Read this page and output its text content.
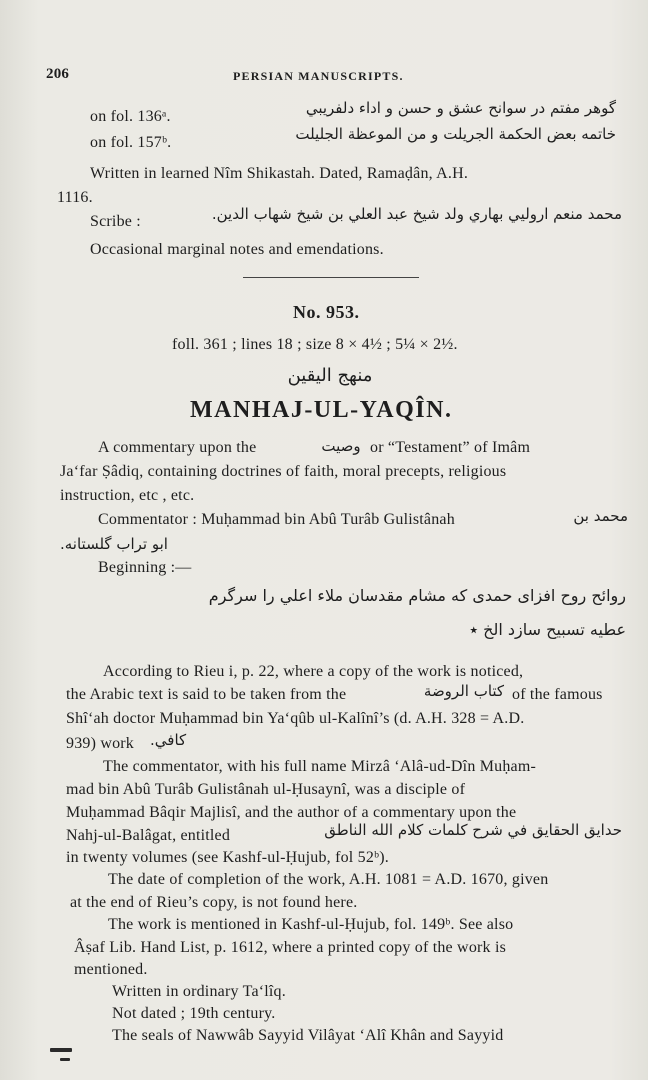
206	PERSIAN MANUSCRIPTS.
on fol. 136ᵃ.	گوهر مفتم در سوانح عشق و حسن و اداء دلفريبي
on fol. 157ᵇ.	خاتمه بعض الحكمة الجريلت و من الموعظة الجليلت
Written in learned Nîm Shikastah. Dated, Ramaḍân, A.H.
1116.
Scribe :	محمد منعم اروليي بهاري ولد شيخ عبد العلي بن شيخ شهاب الدين.
Occasional marginal notes and emendations.
No. 953.
foll. 361 ; lines 18 ; size 8 × 4½ ; 5¼ × 2½.
منهج اليقين
MANHAJ-UL-YAQÎN.
A commentary upon the	وصيت or “Testament” of Imâm
Ja‘far Ṣâdiq, containing doctrines of faith, moral precepts, religious
instruction, etc , etc.
Commentator : Muḥammad bin Abû Turâb Gulistânah	محمد بن
ابو تراب گلستانه.
Beginning :—
روائح روح افزای حمدی که مشام مقدسان ملاء اعلي را سرگرم
عطيه تسبيح سازد الخ ٭
According to Rieu i, p. 22, where a copy of the work is noticed,
the Arabic text is said to be taken from the	كتاب الروضة of the famous
Shî‘ah doctor Muḥammad bin Ya‘qûb ul-Kalînî’s (d. A.H. 328 = A.D.
939) work كافي.
The commentator, with his full name Mirzâ ‘Alâ-ud-Dîn Muḥam-
mad bin Abû Turâb Gulistânah ul-Ḥusaynî, was a disciple of
Muḥammad Bâqir Majlisî, and the author of a commentary upon the
Nahj-ul-Balâgat, entitled	حدايق الحقايق في شرح كلمات كلام الله الناطق
in twenty volumes (see Kashf-ul-Ḥujub, fol 52ᵇ).
The date of completion of the work, A.H. 1081 = A.D. 1670, given
at the end of Rieu’s copy, is not found here.
The work is mentioned in Kashf-ul-Ḥujub, fol. 149ᵇ. See also
Âṣaf Lib. Hand List, p. 1612, where a printed copy of the work is
mentioned.
Written in ordinary Ta‘lîq.
Not dated ; 19th century.
The seals of Nawwâb Sayyid Vilâyat ‘Alî Khân and Sayyid
